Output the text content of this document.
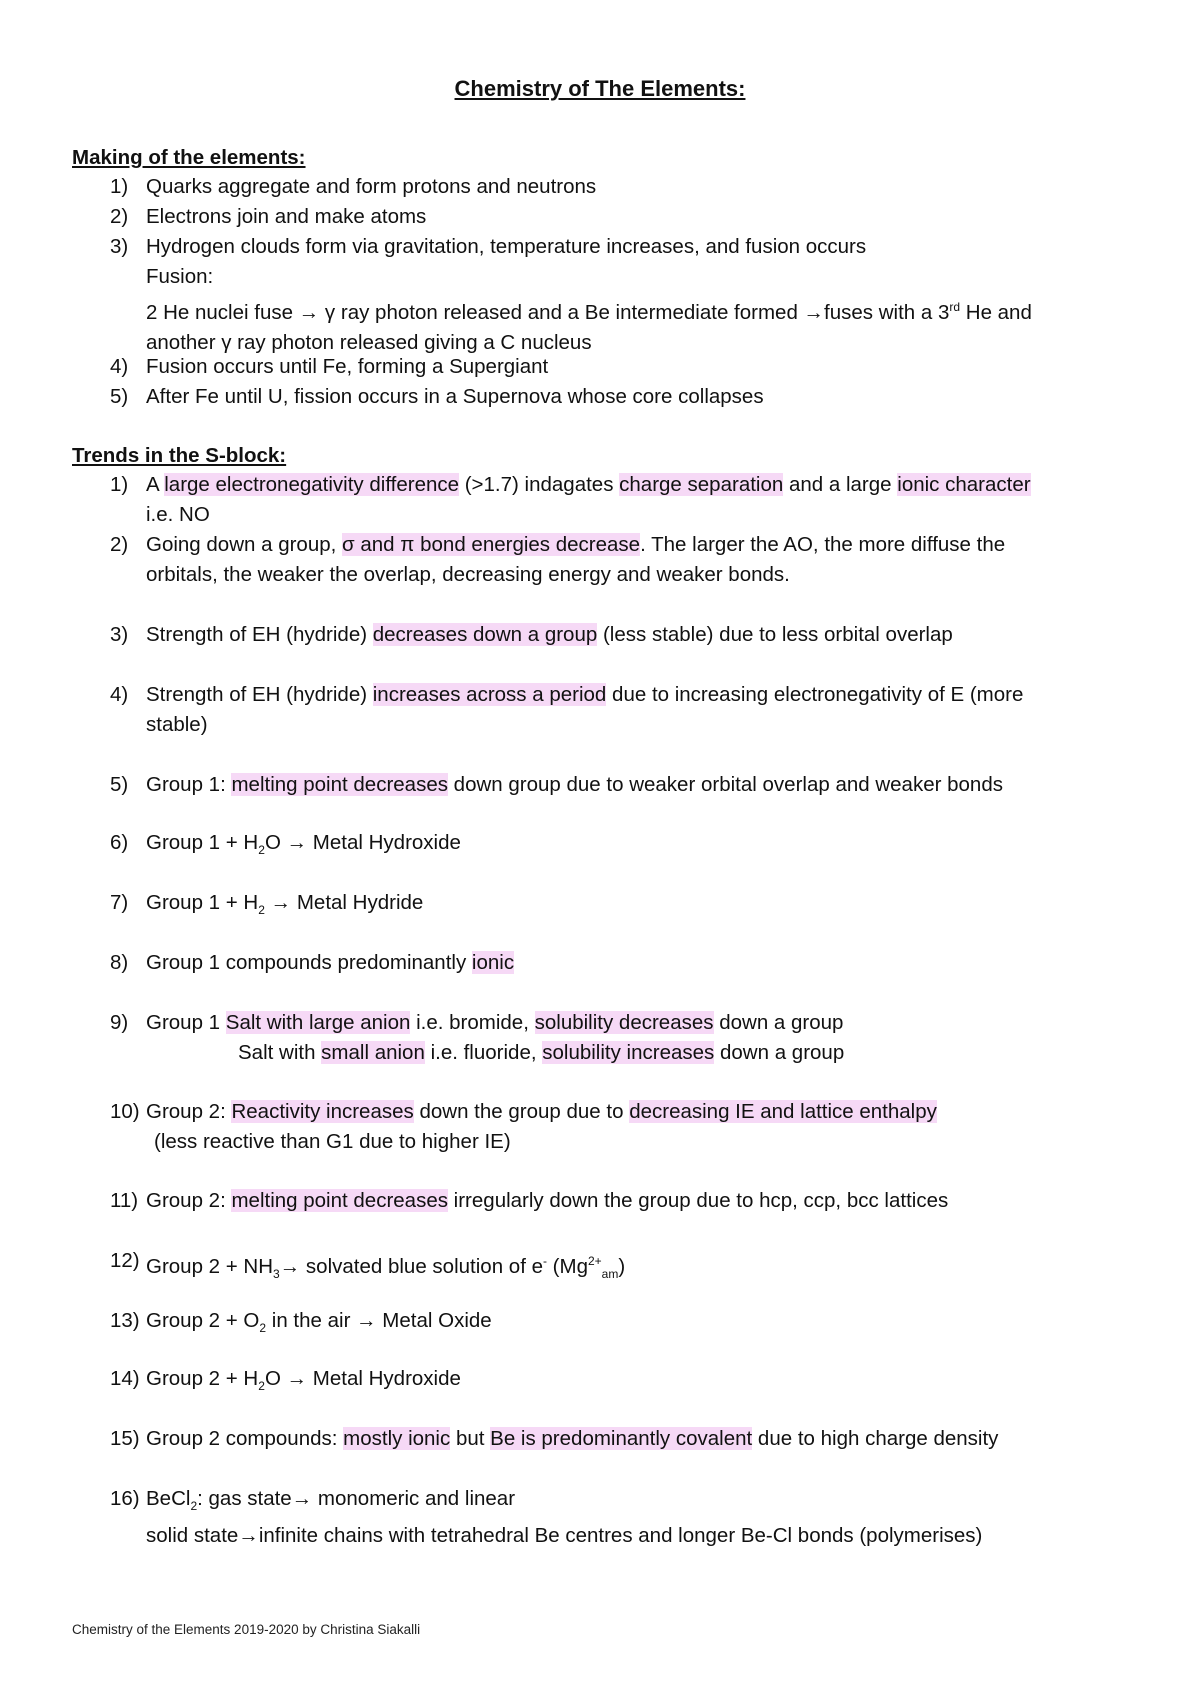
Chemistry of The Elements:
Making of the elements:
1) Quarks aggregate and form protons and neutrons
2) Electrons join and make atoms
3) Hydrogen clouds form via gravitation, temperature increases, and fusion occurs
Fusion:
2 He nuclei fuse → γ ray photon released and a Be intermediate formed →fuses with a 3rd He and
another γ ray photon released giving a C nucleus
4) Fusion occurs until Fe, forming a Supergiant
5) After Fe until U, fission occurs in a Supernova whose core collapses
Trends in the S-block:
1) A large electronegativity difference (>1.7) indagates charge separation and a large ionic character
i.e. NO
2) Going down a group, σ and π bond energies decrease. The larger the AO, the more diffuse the
orbitals, the weaker the overlap, decreasing energy and weaker bonds.
3) Strength of EH (hydride) decreases down a group (less stable) due to less orbital overlap
4) Strength of EH (hydride) increases across a period due to increasing electronegativity of E (more
stable)
5) Group 1: melting point decreases down group due to weaker orbital overlap and weaker bonds
6) Group $1 + H_2O$ → Metal Hydroxide
7) Group $1 + H_2$ → Metal Hydride
8) Group 1 compounds predominantly ionic
9) Group 1 Salt with large anion i.e. bromide, solubility decreases down a group
Salt with small anion i.e. fluoride, solubility increases down a group
10) Group 2: Reactivity increases down the group due to decreasing IE and lattice enthalpy
(less reactive than G1 due to higher IE)
11) Group 2: melting point decreases irregularly down the group due to hcp, ccp, bcc lattices
12) Group $2 + NH_3\to$ solvated blue solution of e- $(Mg^{2+}_{am})$
13) Group $2 + O_2$ in the air → Metal Oxide
14) Group $2 + H_2O$ → Metal Hydroxide
15) Group 2 compounds: mostly ionic but Be is predominantly covalent due to high charge density
16) BeCl$_2$: gas state→ monomeric and linear
solid state→infinite chains with tetrahedral Be centres and longer Be-Cl bonds (polymerises)
Chemistry of the Elements 2019-2020 by Christina Siakalli
